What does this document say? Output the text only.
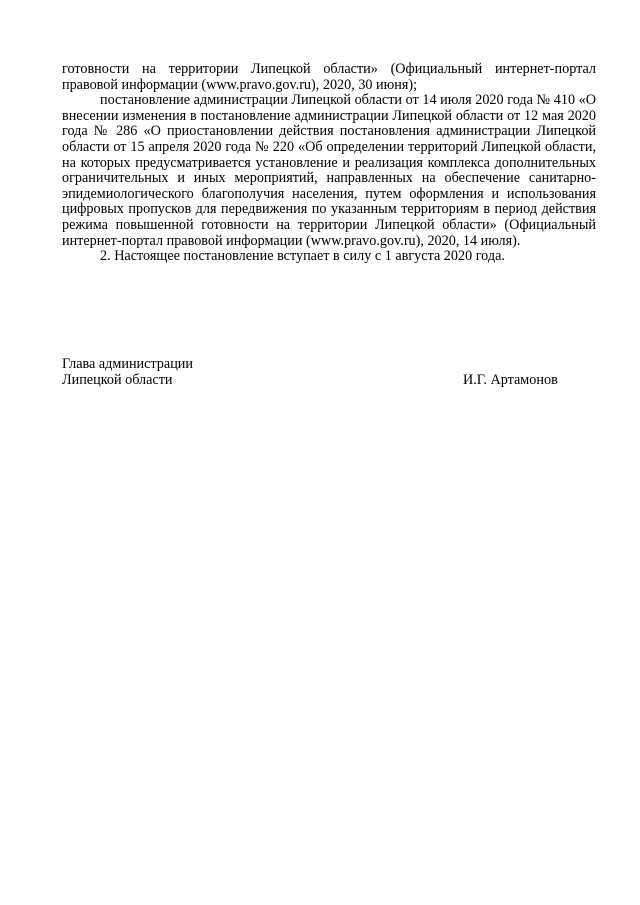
готовности на территории Липецкой области» (Официальный интернет-портал правовой информации (www.pravo.gov.ru), 2020, 30 июня);

постановление администрации Липецкой области от 14 июля 2020 года № 410 «О внесении изменения в постановление администрации Липецкой области от 12 мая 2020 года № 286 «О приостановлении действия постановления администрации Липецкой области от 15 апреля 2020 года № 220 «Об определении территорий Липецкой области, на которых предусматривается установление и реализация комплекса дополнительных ограничительных и иных мероприятий, направленных на обеспечение санитарно-эпидемиологического благополучия населения, путем оформления и использования цифровых пропусков для передвижения по указанным территориям в период действия режима повышенной готовности на территории Липецкой области» (Официальный интернет-портал правовой информации (www.pravo.gov.ru), 2020, 14 июля).

2. Настоящее постановление вступает в силу с 1 августа 2020 года.

Глава администрации
Липецкой области	И.Г. Артамонов
